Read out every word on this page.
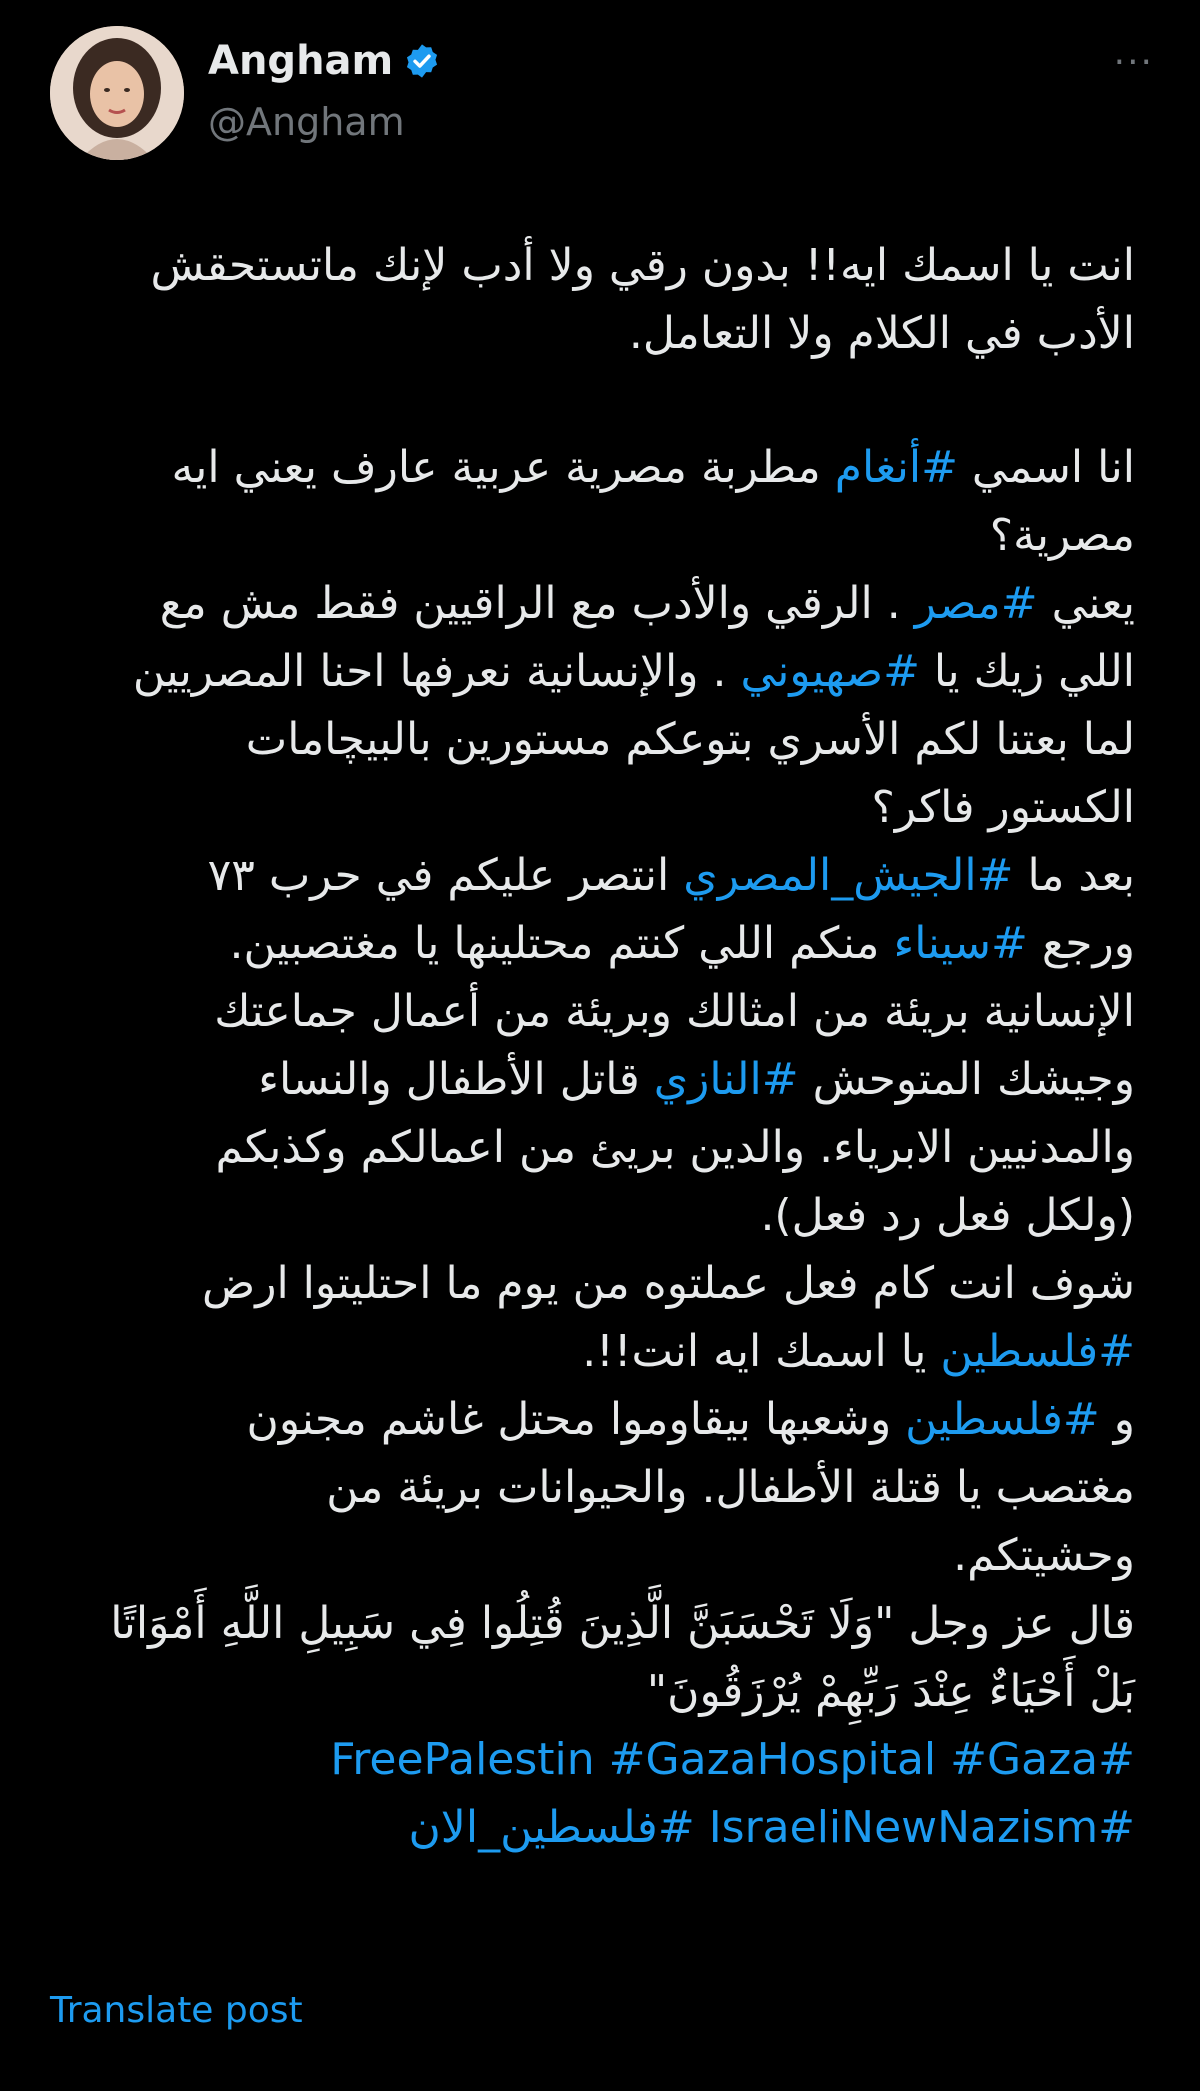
Angham
@Angham
···

انت يا اسمك ايه!! بدون رقي ولا أدب لإنك ماتستحقش

الأدب في الكلام ولا التعامل.

انا اسمي #أنغام مطربة مصرية عربية عارف يعني ايه

مصرية؟

يعني #مصر . الرقي والأدب مع الراقيين فقط مش مع

اللي زيك يا #صهيوني . والإنسانية نعرفها احنا المصريين

لما بعتنا لكم الأسري بتوعكم مستورين بالبيچامات

الكستور فاكر؟

بعد ما #الجيش_المصري انتصر عليكم في حرب ٧٣

ورجع #سيناء منكم اللي كنتم محتلينها يا مغتصبين.

الإنسانية بريئة من امثالك وبريئة من أعمال جماعتك

وجيشك المتوحش #النازي قاتل الأطفال والنساء

والمدنيين الابرياء. والدين بريئ من اعمالكم وكذبكم

(ولكل فعل رد فعل).

شوف انت كام فعل عملتوه من يوم ما احتليتوا ارض

#فلسطين يا اسمك ايه انت!!.

و #فلسطين وشعبها بيقاوموا محتل غاشم مجنون

مغتصب يا قتلة الأطفال. والحيوانات بريئة من

وحشيتكم.

قال عز وجل "وَلَا تَحْسَبَنَّ الَّذِينَ قُتِلُوا فِي سَبِيلِ اللَّهِ أَمْوَاتًا

بَلْ أَحْيَاءٌ عِنْدَ رَبِّهِمْ يُرْزَقُونَ"

#FreePalestin #GazaHospital #Gaza

#IsraeliNewNazism #فلسطين_الان

Translate post
